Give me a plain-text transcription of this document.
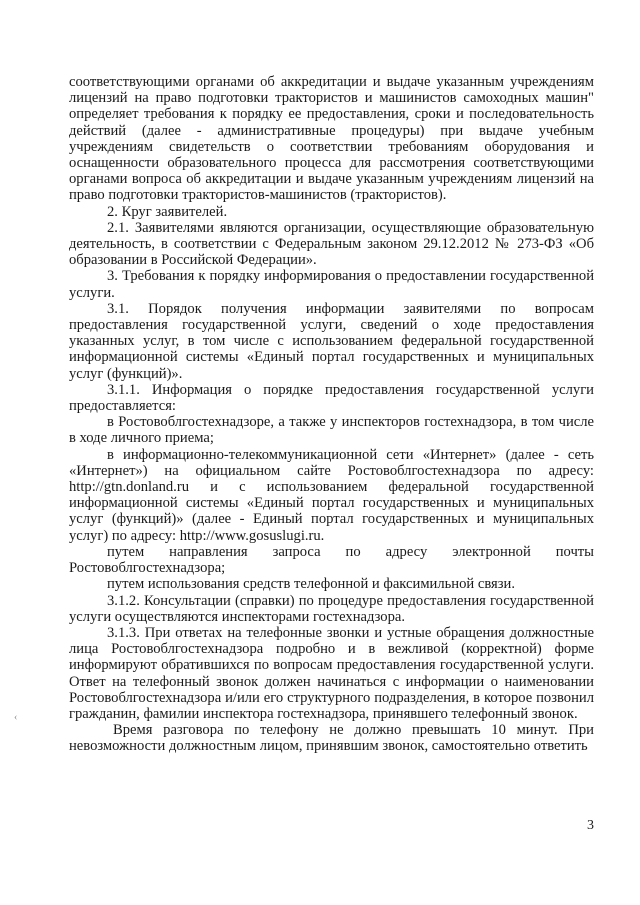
соответствующими органами об аккредитации и выдаче указанным учреждениям лицензий на право подготовки трактористов и машинистов самоходных машин" определяет требования к порядку ее предоставления, сроки и последовательность действий (далее - административные процедуры) при выдаче учебным учреждениям свидетельств о соответствии требованиям оборудования и оснащенности образовательного процесса для рассмотрения соответствующими органами вопроса об аккредитации и выдаче указанным учреждениям лицензий на право подготовки трактористов-машинистов (трактористов).

2. Круг заявителей.

2.1. Заявителями являются организации, осуществляющие образовательную деятельность, в соответствии с Федеральным законом 29.12.2012 № 273-ФЗ «Об образовании в Российской Федерации».

3. Требования к порядку информирования о предоставлении государственной услуги.

3.1. Порядок получения информации заявителями по вопросам предоставления государственной услуги, сведений о ходе предоставления указанных услуг, в том числе с использованием федеральной государственной информационной системы «Единый портал государственных и муниципальных услуг (функций)».

3.1.1. Информация о порядке предоставления государственной услуги предоставляется:

в Ростовоблгостехнадзоре, а также у инспекторов гостехнадзора, в том числе в ходе личного приема;

в информационно-телекоммуникационной сети «Интернет» (далее - сеть «Интернет») на официальном сайте Ростовоблгостехнадзора по адресу: http://gtn.donland.ru и с использованием федеральной государственной информационной системы «Единый портал государственных и муниципальных услуг (функций)» (далее - Единый портал государственных и муниципальных услуг) по адресу: http://www.gosuslugi.ru.

путем направления запроса по адресу электронной почты Ростовоблгостехнадзора;

путем использования средств телефонной и факсимильной связи.

3.1.2. Консультации (справки) по процедуре предоставления государственной услуги осуществляются инспекторами гостехнадзора.

3.1.3. При ответах на телефонные звонки и устные обращения должностные лица Ростовоблгостехнадзора подробно и в вежливой (корректной) форме информируют обратившихся по вопросам предоставления государственной услуги. Ответ на телефонный звонок должен начинаться с информации о наименовании Ростовоблгостехнадзора и/или его структурного подразделения, в которое позвонил гражданин, фамилии инспектора гостехнадзора, принявшего телефонный звонок.

Время разговора по телефону не должно превышать 10 минут. При невозможности должностным лицом, принявшим звонок, самостоятельно ответить

‹
3
